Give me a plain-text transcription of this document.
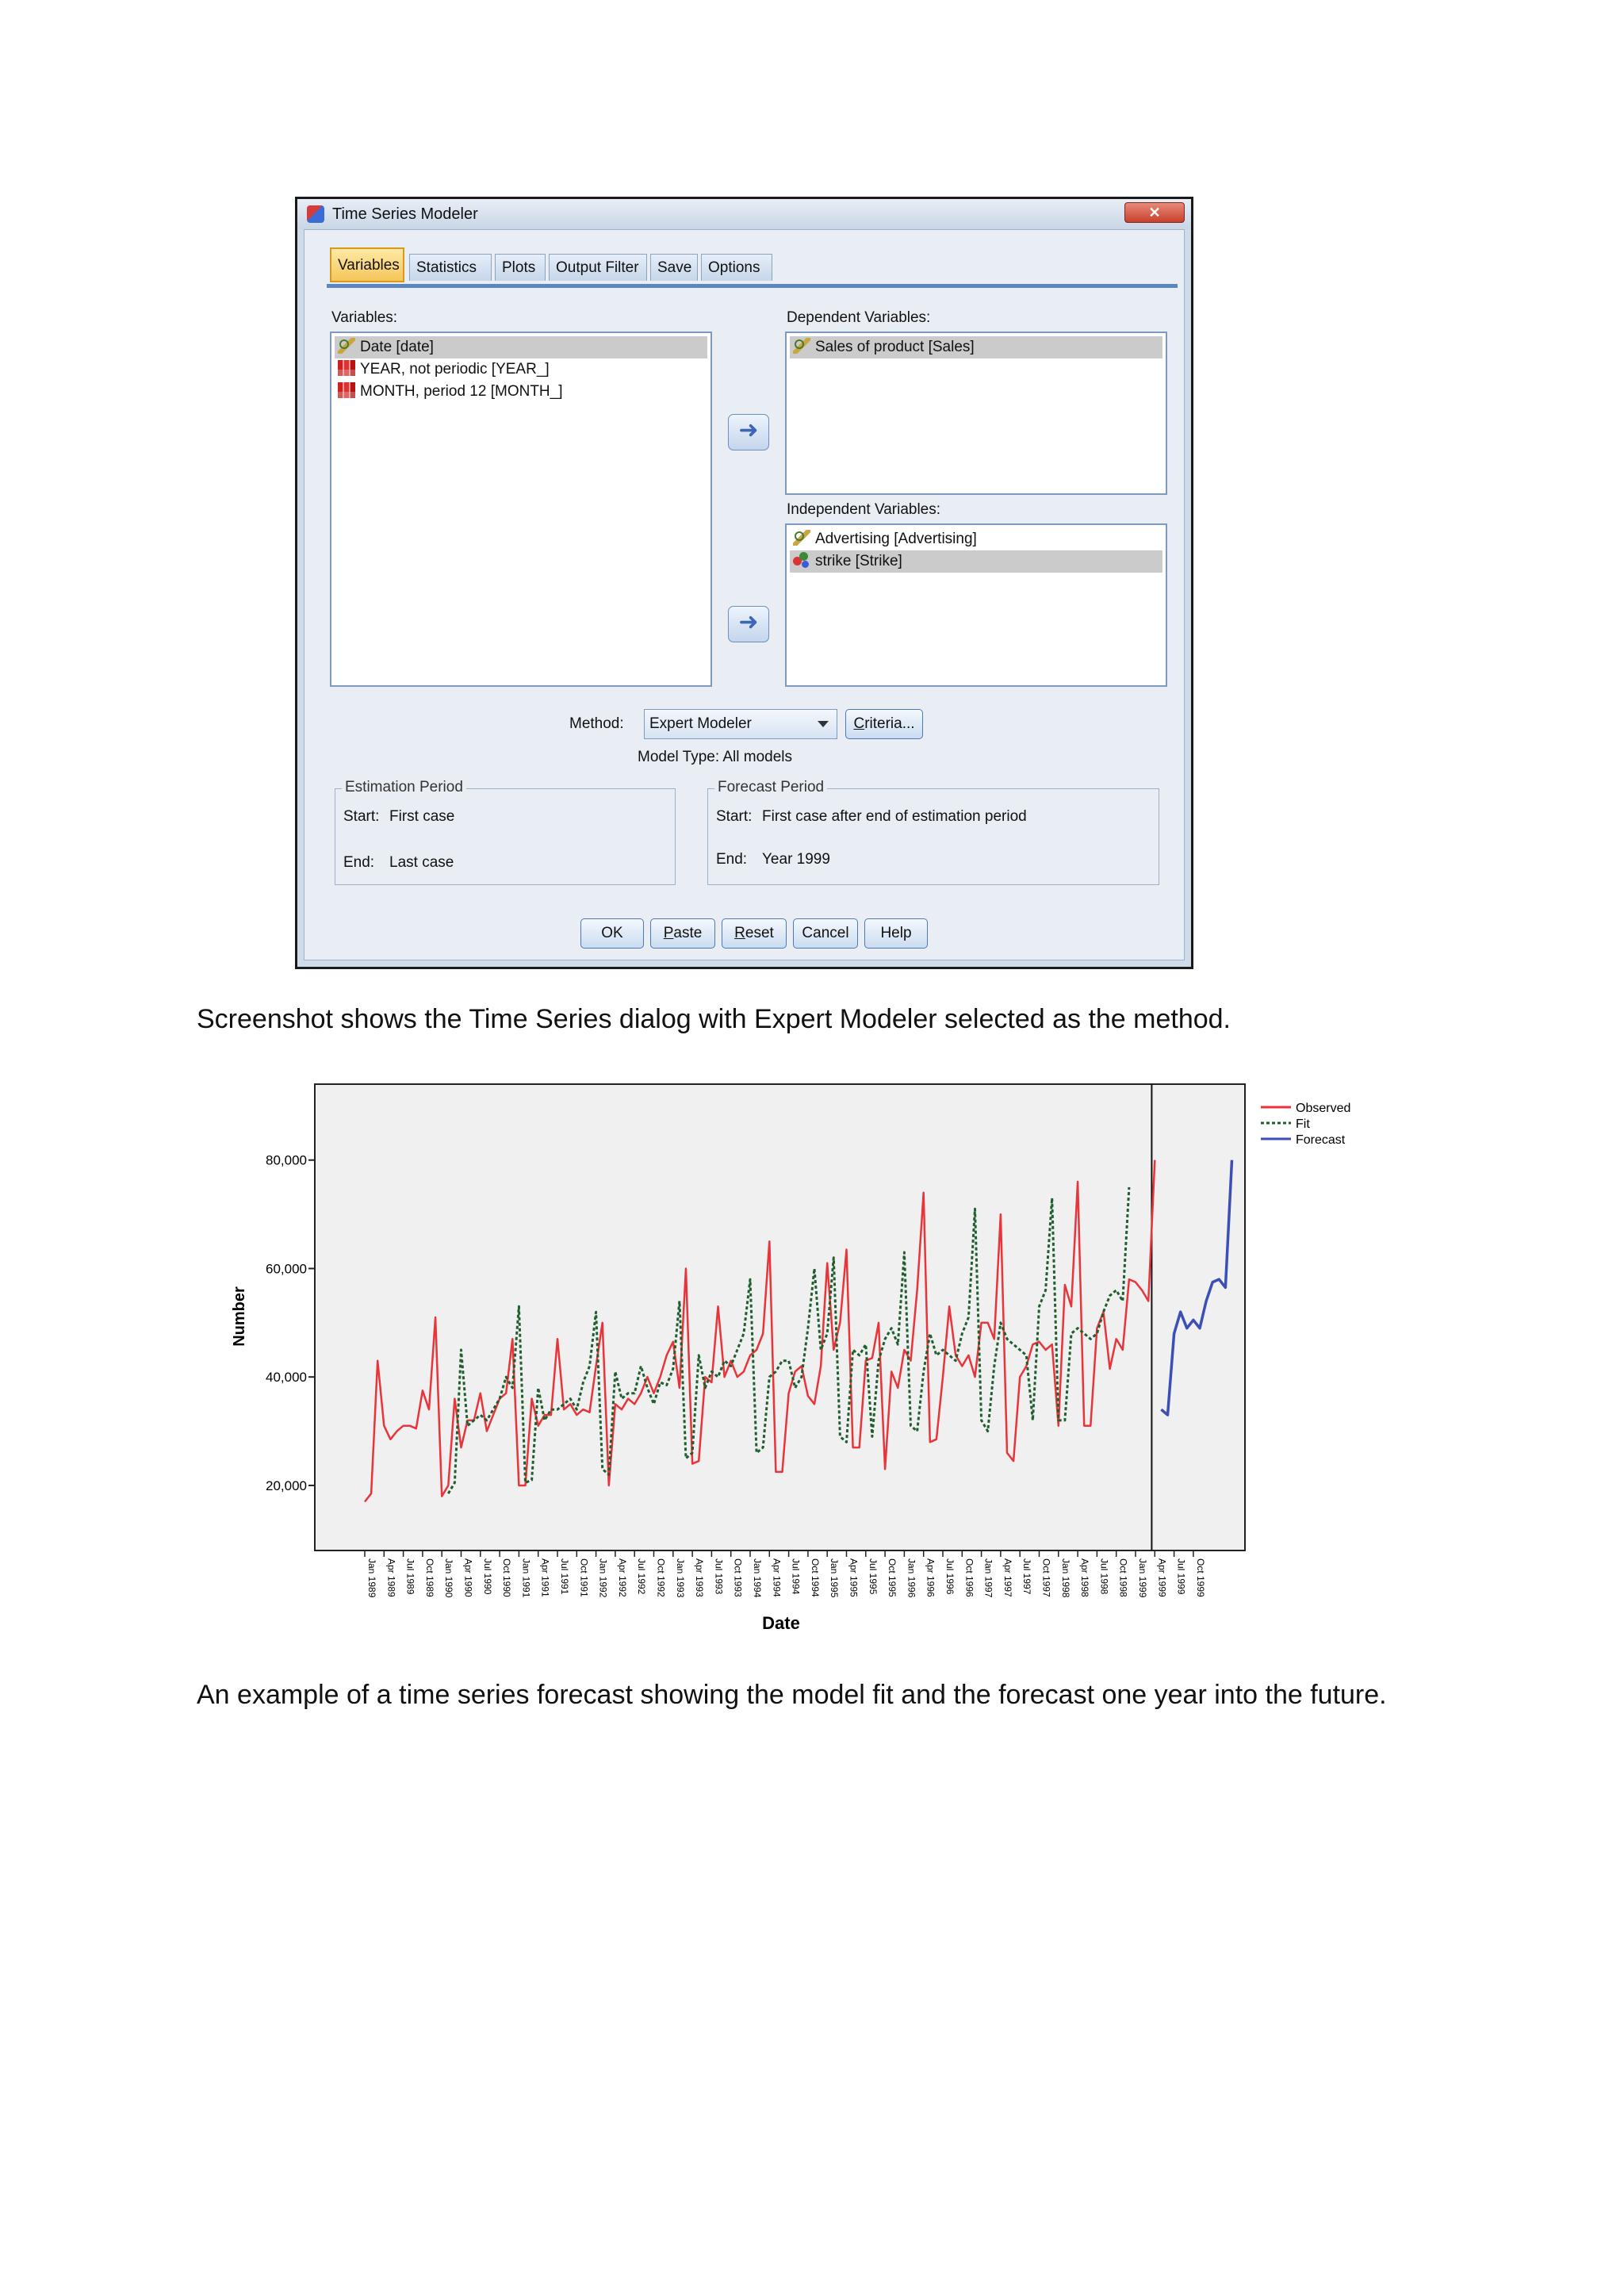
Time Series Modeler	✕
Variables	Statistics	Plots	Output Filter	Save	Options
Variables:
Date [date]
YEAR, not periodic [YEAR_]
MONTH, period 12 [MONTH_]
➜
➜
Dependent Variables:
Sales of product [Sales]
Independent Variables:
Advertising [Advertising]
strike [Strike]
Method:	Expert Modeler	Criteria...
Model Type: All models
Estimation Period
Start: First case
End: Last case
Forecast Period
Start: First case after end of estimation period
End: Year 1999
OK	Paste	Reset	Cancel	Help
Screenshot shows the Time Series dialog with Expert Modeler selected as the method.
20,000
40,000
60,000
80,000
Jan 1989 Apr 1989 Jul 1989 Oct 1989 Jan 1990 Apr 1990 Jul 1990 Oct 1990 Jan 1991 Apr 1991 Jul 1991 Oct 1991 Jan 1992 Apr 1992 Jul 1992 Oct 1992 Jan 1993 Apr 1993 Jul 1993 Oct 1993 Jan 1994 Apr 1994 Jul 1994 Oct 1994 Jan 1995 Apr 1995 Jul 1995 Oct 1995 Jan 1996 Apr 1996 Jul 1996 Oct 1996 Jan 1997 Apr 1997 Jul 1997 Oct 1997 Jan 1998 Apr 1998 Jul 1998 Oct 1998 Jan 1999 Apr 1999 Jul 1999 Oct 1999
Number
Date
Observed
Fit
Forecast
An example of a time series forecast showing the model fit and the forecast one year into the future.
